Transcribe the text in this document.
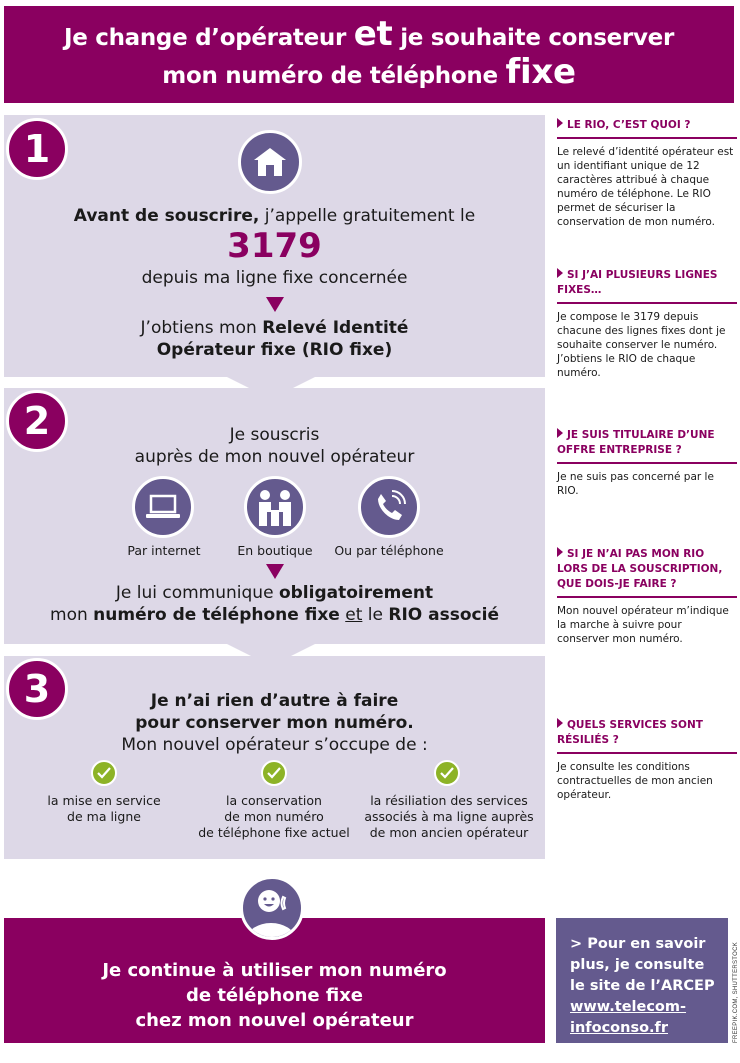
Je change d’opérateur et je souhaite conserver
mon numéro de téléphone fixe
1
Avant de souscrire, j’appelle gratuitement le
3179
depuis ma ligne fixe concernée
J’obtiens mon Relevé Identité
Opérateur fixe (RIO fixe)
2	Je souscris
auprès de mon nouvel opérateur
Par internet	En boutique	Ou par téléphone
Je lui communique obligatoirement
mon numéro de téléphone fixe et le RIO associé
3	Je n’ai rien d’autre à faire
pour conserver mon numéro.
Mon nouvel opérateur s’occupe de :
la mise en service
de ma ligne
la conservation
de mon numéro
de téléphone fixe actuel
la résiliation des services
associés à ma ligne auprès
de mon ancien opérateur
LE RIO, C’EST QUOI ?
Le relevé d’identité opérateur est un identifiant unique de 12 caractères attribué à chaque numéro de téléphone. Le RIO permet de sécuriser la conservation de mon numéro.
SI J’AI PLUSIEURS LIGNES FIXES…
Je compose le 3179 depuis chacune des lignes fixes dont je souhaite conserver le numéro. J’obtiens le RIO de chaque numéro.
JE SUIS TITULAIRE D’UNE OFFRE ENTREPRISE ?
Je ne suis pas concerné par le RIO.
SI JE N’AI PAS MON RIO LORS DE LA SOUSCRIPTION, QUE DOIS-JE FAIRE ?
Mon nouvel opérateur m’indique la marche à suivre pour conserver mon numéro.
QUELS SERVICES SONT RÉSILIÉS ?
Je consulte les conditions contractuelles de mon ancien opérateur.
Je continue à utiliser mon numéro
de téléphone fixe
chez mon nouvel opérateur
> Pour en savoir
plus, je consulte
le site de l’ARCEP
www.telecom-
infoconso.fr	FREEPIK.COM, SHUTTERSTOCK
